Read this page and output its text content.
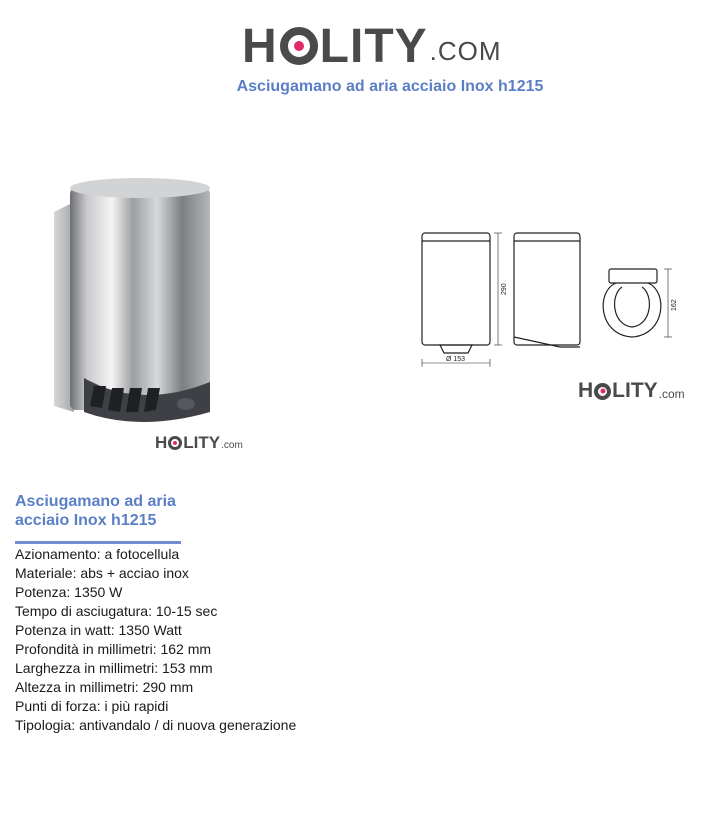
H LITY .COM
Asciugamano ad aria acciaio Inox h1215
H LITY .com
290
Ø 153
162
H LITY .com
Asciugamano ad aria
acciaio Inox h1215
Azionamento: a fotocellula
Materiale: abs + acciao inox
Potenza: 1350 W
Tempo di asciugatura: 10-15 sec
Potenza in watt: 1350 Watt
Profondità in millimetri: 162 mm
Larghezza in millimetri: 153 mm
Altezza in millimetri: 290 mm
Punti di forza: i più rapidi
Tipologia: antivandalo / di nuova generazione
